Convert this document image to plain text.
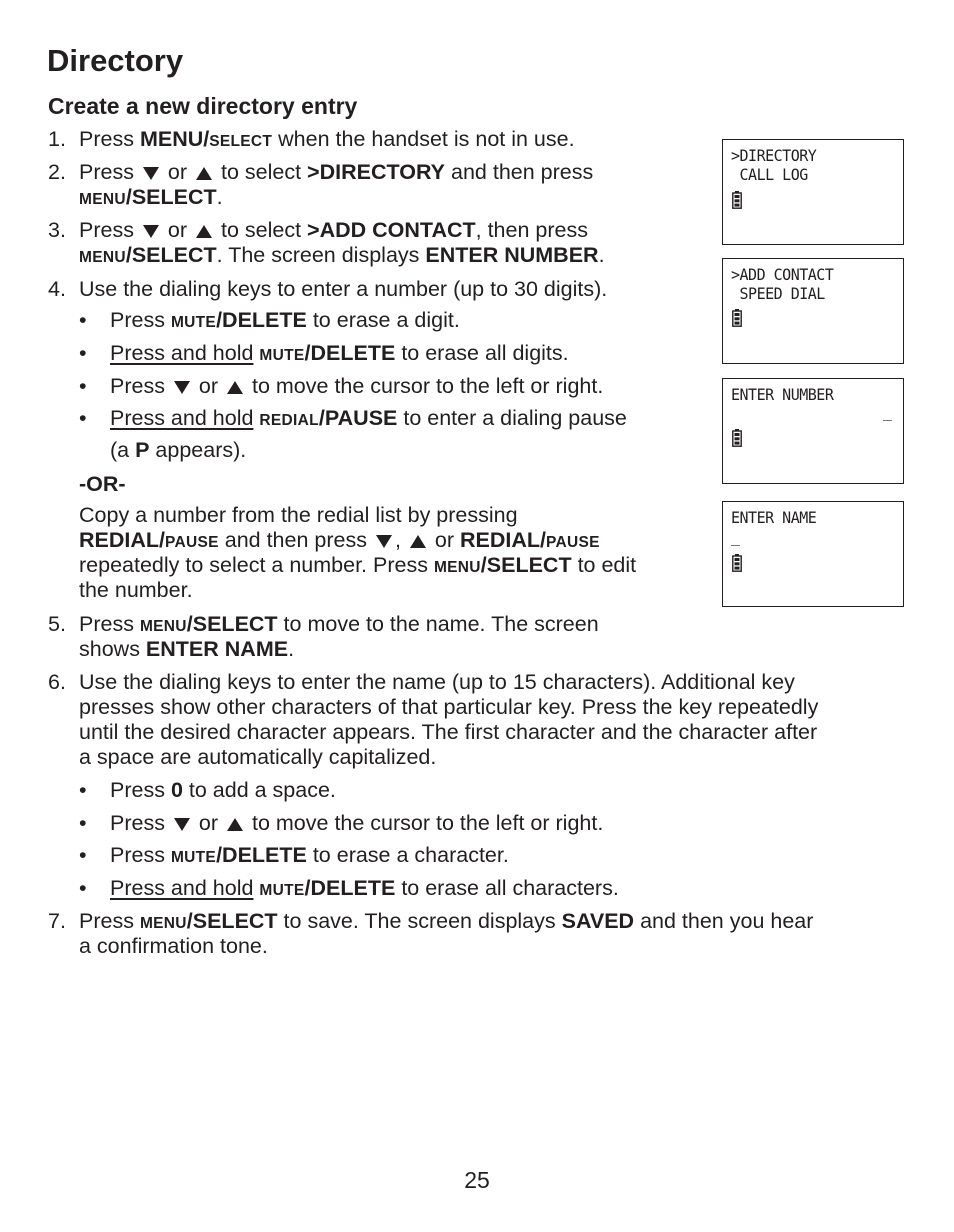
Directory
Create a new directory entry
1. Press MENU/SELECT when the handset is not in use.
2. Press  or  to select >DIRECTORY and then press
MENU/SELECT.
3. Press  or  to select >ADD CONTACT, then press
MENU/SELECT. The screen displays ENTER NUMBER.
4. Use the dialing keys to enter a number (up to 30 digits).
• Press MUTE/DELETE to erase a digit.
• Press and hold MUTE/DELETE to erase all digits.
• Press  or  to move the cursor to the left or right.
• Press and hold REDIAL/PAUSE to enter a dialing pause
(a P appears).
-OR-
Copy a number from the redial list by pressing
REDIAL/PAUSE and then press ,  or REDIAL/PAUSE
repeatedly to select a number. Press MENU/SELECT to edit
the number.
5. Press MENU/SELECT to move to the name. The screen
shows ENTER NAME.
6. Use the dialing keys to enter the name (up to 15 characters). Additional key
presses show other characters of that particular key. Press the key repeatedly
until the desired character appears. The first character and the character after
a space are automatically capitalized.
• Press 0 to add a space.
• Press  or  to move the cursor to the left or right.
• Press MUTE/DELETE to erase a character.
• Press and hold MUTE/DELETE to erase all characters.
7. Press MENU/SELECT to save. The screen displays SAVED and then you hear
a confirmation tone.
>DIRECTORY
CALL LOG
>ADD CONTACT
SPEED DIAL
ENTER NUMBER
_
ENTER NAME
_
25
